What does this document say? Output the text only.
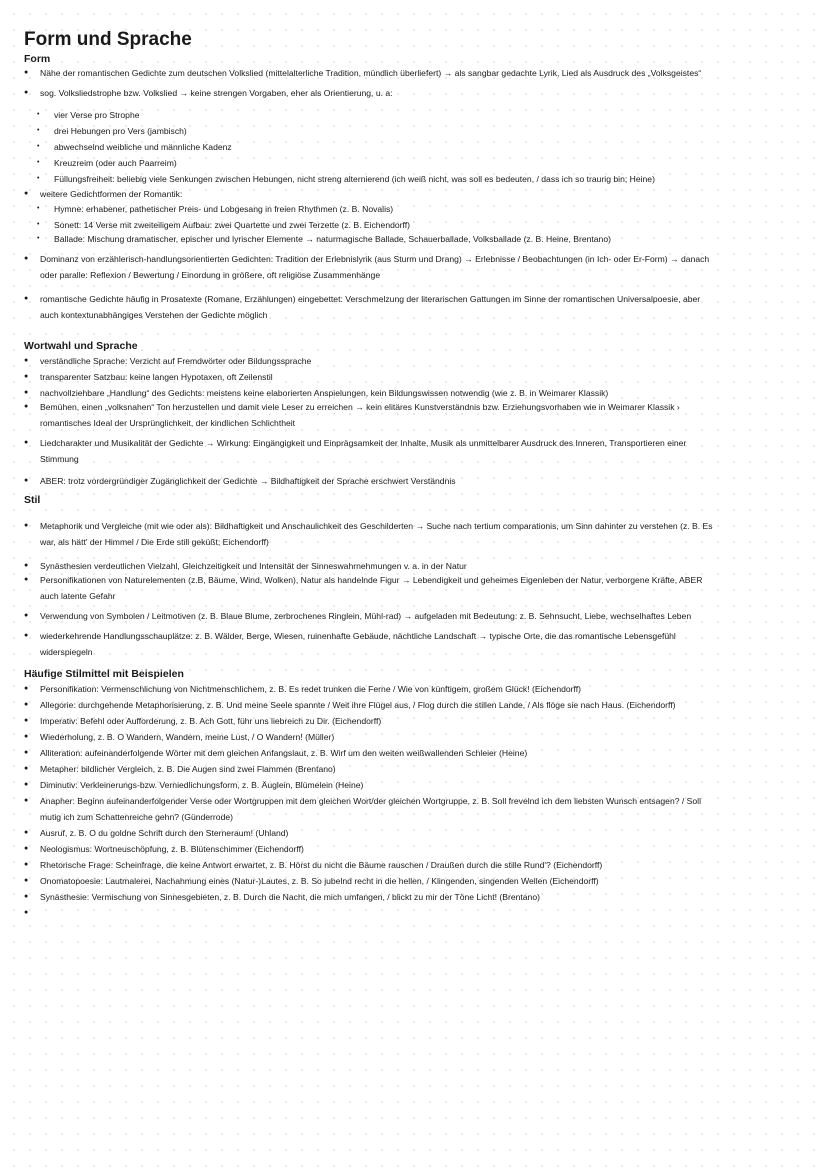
Form und Sprache
Form
● Nähe der romantischen Gedichte zum deutschen Volkslied (mittelalterliche Tradition, mündlich überliefert) → als sangbar gedachte Lyrik, Lied als Ausdruck des „Volksgeistes“
● sog. Volksliedstrophe bzw. Volkslied → keine strengen Vorgaben, eher als Orientierung, u. a:
• vier Verse pro Strophe
• drei Hebungen pro Vers (jambisch)
• abwechselnd weibliche und männliche Kadenz
• Kreuzreim (oder auch Paarreim)
• Füllungsfreiheit: beliebig viele Senkungen zwischen Hebungen, nicht streng alternierend (ich weiß nicht, was soll es bedeuten, / dass ich so traurig bin; Heine)
● weitere Gedichtformen der Romantik:
• Hymne: erhabener, pathetischer Preis- und Lobgesang in freien Rhythmen (z. B. Novalis)
• Sonett: 14 Verse mit zweiteiligem Aufbau: zwei Quartette und zwei Terzette (z. B. Eichendorff)
• Ballade: Mischung dramatischer, epischer und lyrischer Elemente → naturmagische Ballade, Schauerballade, Volksballade (z. B. Heine, Brentano)
● Dominanz von erzählerisch-handlungsorientierten Gedichten: Tradition der Erlebnislyrik (aus Sturm und Drang) → Erlebnisse / Beobachtungen (in Ich- oder Er-Form) → danach
oder paralle: Reflexion / Bewertung / Einordung in größere, oft religiöse Zusammenhänge
● romantische Gedichte häufig in Prosatexte (Romane, Erzählungen) eingebettet: Verschmelzung der literarischen Gattungen im Sinne der romantischen Universalpoesie, aber
auch kontextunabhängiges Verstehen der Gedichte möglich
Wortwahl und Sprache
● verständliche Sprache: Verzicht auf Fremdwörter oder Bildungssprache
● transparenter Satzbau: keine langen Hypotaxen, oft Zeilenstil
● nachvollziehbare „Handlung“ des Gedichts: meistens keine elaborierten Anspielungen, kein Bildungswissen notwendig (wie z. B. in Weimarer Klassik)
● Bemühen, einen „volksnahen“ Ton herzustellen und damit viele Leser zu erreichen → kein elitäres Kunstverständnis bzw. Erziehungsvorhaben wie in Weimarer Klassik ›
romantisches Ideal der Ursprünglichkeit, der kindlichen Schlichtheit
● Liedcharakter und Musikalität der Gedichte → Wirkung: Eingängigkeit und Einprägsamkeit der Inhalte, Musik als unmittelbarer Ausdruck des Inneren, Transportieren einer
Stimmung
● ABER: trotz vordergründiger Zugänglichkeit der Gedichte → Bildhaftigkeit der Sprache erschwert Verständnis
Stil
● Metaphorik und Vergleiche (mit wie oder als): Bildhaftigkeit und Anschaulichkeit des Geschilderten → Suche nach tertium comparationis, um Sinn dahinter zu verstehen (z. B. Es
war, als hätt' der Himmel / Die Erde still geküßt; Eichendorff)
● Synästhesien verdeutlichen Vielzahl, Gleichzeitigkeit und Intensität der Sinneswahrnehmungen v. a. in der Natur
● Personifikationen von Naturelementen (z.B, Bäume, Wind, Wolken), Natur als handelnde Figur → Lebendigkeit und geheimes Eigenleben der Natur, verborgene Kräfte, ABER
auch latente Gefahr
● Verwendung von Symbolen / Leitmotiven (z. B. Blaue Blume, zerbrochenes Ringlein, Mühl-rad) → aufgeladen mit Bedeutung: z. B. Sehnsucht, Liebe, wechselhaftes Leben
● wiederkehrende Handlungsschauplätze: z. B. Wälder, Berge, Wiesen, ruinenhafte Gebäude, nächtliche Landschaft → typische Orte, die das romantische Lebensgefühl
widerspiegeln
Häufige Stilmittel mit Beispielen
● Personifikation: Vermenschlichung von Nichtmenschlichem, z. B. Es redet trunken die Ferne / Wie von künftigem, großem Glück! (Eichendorff)
● Allegorie: durchgehende Metaphorisierung, z. B. Und meine Seele spannte / Weit ihre Flügel aus, / Flog durch die stillen Lande, / Als flöge sie nach Haus. (Eichendorff)
● Imperativ: Befehl oder Aufforderung, z. B. Ach Gott, führ uns liebreich zu Dir. (Eichendorff)
● Wiederholung, z. B. O Wandern, Wandern, meine Lust, / O Wandern! (Müller)
● Alliteration: aufeinanderfolgende Wörter mit dem gleichen Anfangslaut, z. B. Wirf um den weiten weißwallenden Schleier (Heine)
● Metapher: bildlicher Vergleich, z. B. Die Augen sind zwei Flammen (Brentano)
● Diminutiv: Verkleinerungs-bzw. Verniedlichungsform, z. B. Äuglein, Blümelein (Heine)
● Anapher: Beginn aufeinanderfolgender Verse oder Wortgruppen mit dem gleichen Wort/der gleichen Wortgruppe, z. B. Soll frevelnd ich dem liebsten Wunsch entsagen? / Soll
mutig ich zum Schattenreiche gehn? (Günderrode)
● Ausruf, z. B. O du goldne Schrift durch den Sterneraum! (Uhland)
● Neologismus: Wortneuschöpfung, z. B. Blütenschimmer (Eichendorff)
● Rhetorische Frage: Scheinfrage, die keine Antwort erwartet, z. B. Hörst du nicht die Bäume rauschen / Draußen durch die stille Rund'? (Eichendorff)
● Onomatopoesie: Lautmalerei, Nachahmung eines (Natur-)Lautes, z. B. So jubelnd recht in die hellen, / Klingenden, singenden Wellen (Eichendorff)
● Synästhesie: Vermischung von Sinnesgebieten, z. B. Durch die Nacht, die mich umfangen, / blickt zu mir der Töne Licht! (Brentano)
